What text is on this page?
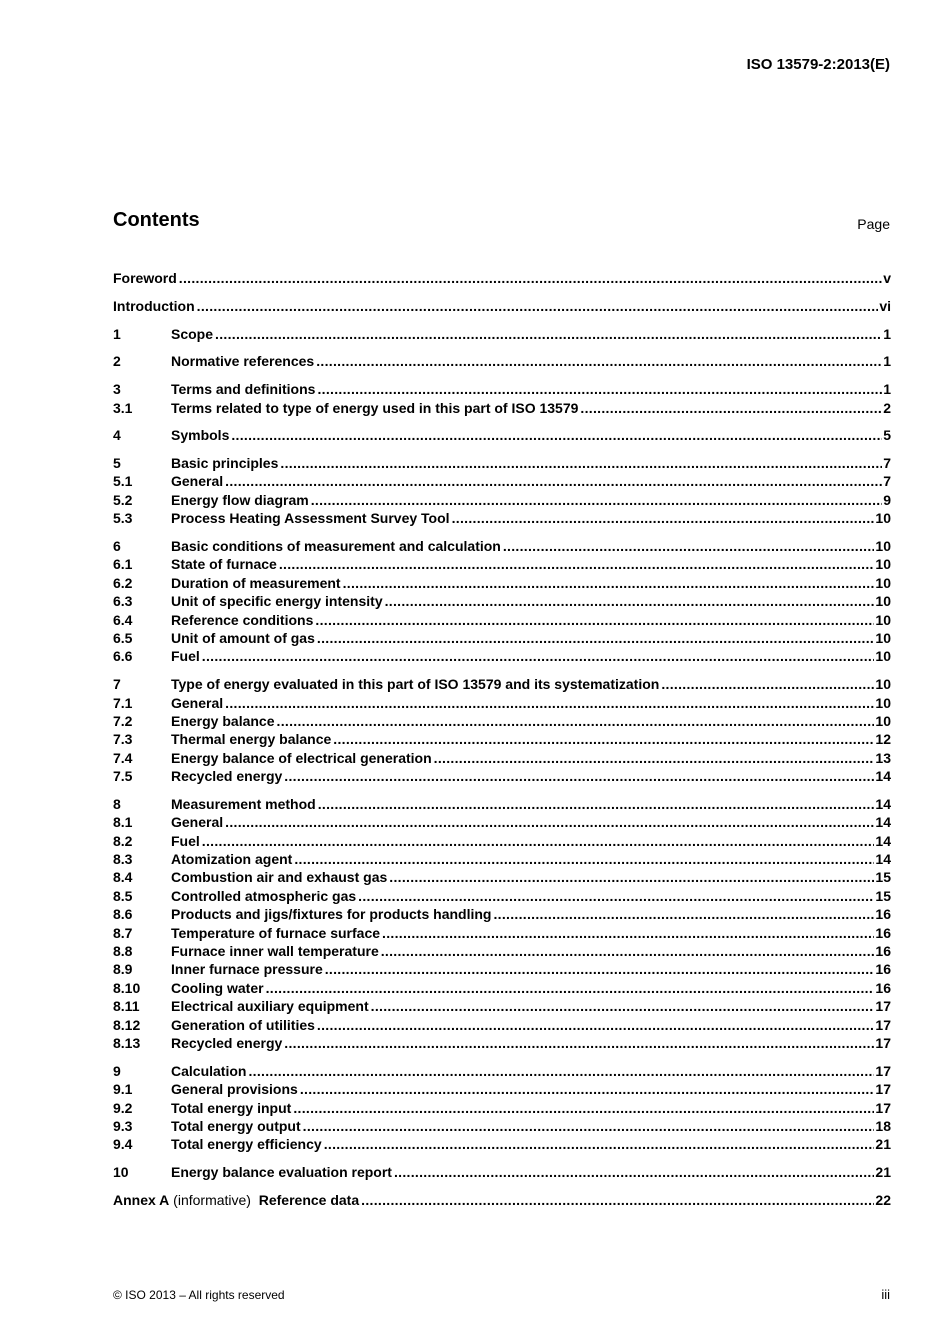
ISO 13579-2:2013(E)
Contents	Page
Foreword .....	v
Introduction .....	vi
1	Scope .....	1
2	Normative references .....	1
3	Terms and definitions .....	1
3.1	Terms related to type of energy used in this part of ISO 13579 .....	2
4	Symbols .....	5
5	Basic principles .....	7
5.1	General .....	7
5.2	Energy flow diagram .....	9
5.3	Process Heating Assessment Survey Tool .....	10
6	Basic conditions of measurement and calculation .....	10
6.1	State of furnace .....	10
6.2	Duration of measurement .....	10
6.3	Unit of specific energy intensity .....	10
6.4	Reference conditions .....	10
6.5	Unit of amount of gas .....	10
6.6	Fuel .....	10
7	Type of energy evaluated in this part of ISO 13579 and its systematization .....	10
7.1	General .....	10
7.2	Energy balance .....	10
7.3	Thermal energy balance .....	12
7.4	Energy balance of electrical generation .....	13
7.5	Recycled energy .....	14
8	Measurement method .....	14
8.1	General .....	14
8.2	Fuel .....	14
8.3	Atomization agent .....	14
8.4	Combustion air and exhaust gas .....	15
8.5	Controlled atmospheric gas .....	15
8.6	Products and jigs/fixtures for products handling .....	16
8.7	Temperature of furnace surface .....	16
8.8	Furnace inner wall temperature .....	16
8.9	Inner furnace pressure .....	16
8.10	Cooling water .....	16
8.11	Electrical auxiliary equipment .....	17
8.12	Generation of utilities .....	17
8.13	Recycled energy .....	17
9	Calculation .....	17
9.1	General provisions .....	17
9.2	Total energy input .....	17
9.3	Total energy output .....	18
9.4	Total energy efficiency .....	21
10	Energy balance evaluation report .....	21
Annex A (informative)  Reference data .....	22
© ISO 2013 – All rights reserved	iii
